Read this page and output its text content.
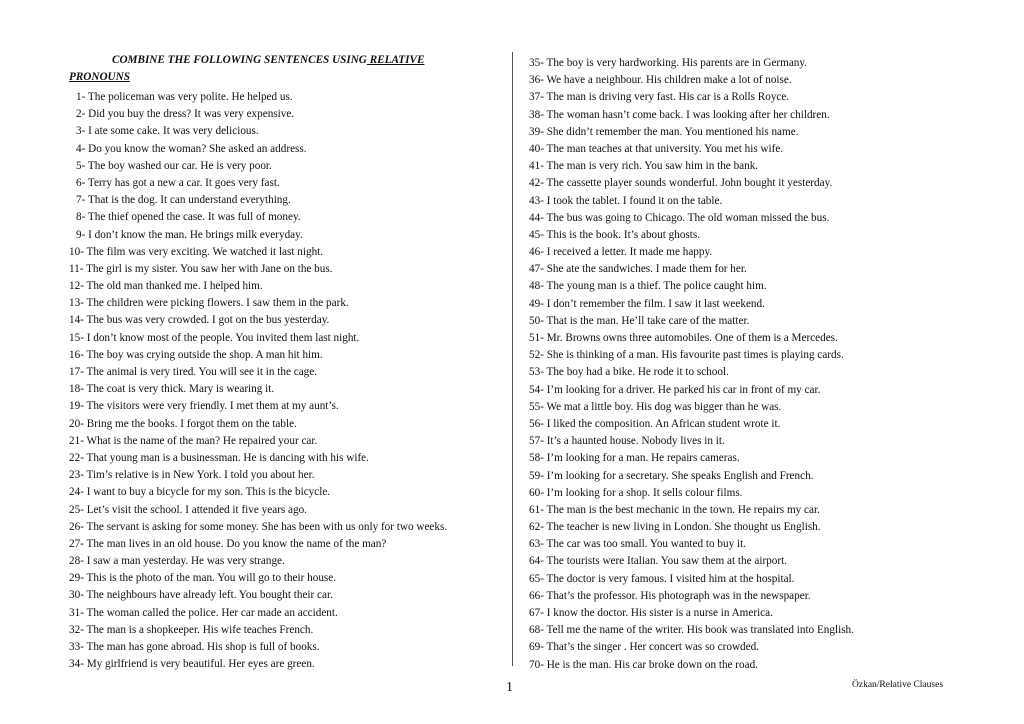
COMBINE THE FOLLOWING SENTENCES USING RELATIVE
PRONOUNS
1- The policeman was very polite. He helped us.
2- Did you buy the dress? It was very expensive.
3- I ate some cake. It was very delicious.
4- Do you know the woman? She asked an address.
5- The boy washed our car. He is very poor.
6- Terry has got a new a car. It goes very fast.
7- That is the dog. It can understand everything.
8- The thief opened the case. It was full of money.
9- I don’t know the man. He brings milk everyday.
10- The film was very exciting. We watched it last night.
11- The girl is my sister. You saw her with Jane on the bus.
12- The old man thanked me. I helped him.
13- The children were picking flowers. I saw them in the park.
14- The bus was very crowded. I got on the bus yesterday.
15- I don’t know most of the people. You invited them last night.
16- The boy was crying outside the shop. A man hit him.
17- The animal is very tired. You will see it in the cage.
18- The coat is very thick. Mary is wearing it.
19- The visitors were very friendly. I met them at my aunt’s.
20- Bring me the books. I forgot them on the table.
21- What is the name of the man? He repaired your car.
22- That young man is a businessman. He is dancing with his wife.
23- Tim’s relative is in New York. I told you about her.
24- I want to buy a bicycle for my son. This is the bicycle.
25- Let’s visit the school. I attended it five years ago.
26- The servant is asking for some money. She has been with us only for two weeks.
27- The man lives in an old house. Do you know the name of the man?
28- I saw a man yesterday. He was very strange.
29- This is the photo of the man. You will go to their house.
30- The neighbours have already left. You bought their car.
31- The woman called the police. Her car made an accident.
32- The man is a shopkeeper. His wife teaches French.
33- The man has gone abroad. His shop is full of books.
34- My girlfriend is very beautiful. Her eyes are green.
35- The boy is very hardworking. His parents are in Germany.
36- We have a neighbour. His children make a lot of noise.
37- The man is driving very fast. His car is a Rolls Royce.
38- The woman hasn’t come back. I was looking after her children.
39- She didn’t remember the man. You mentioned his name.
40- The man teaches at that university. You met his wife.
41- The man is very rich. You saw him in the bank.
42- The cassette player sounds wonderful. John bought it yesterday.
43- I took the tablet. I found it on the table.
44- The bus was going to Chicago. The old woman missed the bus.
45- This is the book. It’s about ghosts.
46- I received a letter. It made me happy.
47- She ate the sandwiches. I made them for her.
48- The young man is a thief. The police caught him.
49- I don’t remember the film. I saw it last weekend.
50- That is the man. He’ll take care of the matter.
51- Mr. Browns owns three automobiles. One of them is a Mercedes.
52- She is thinking of a man. His favourite past times is playing cards.
53- The boy had a bike. He rode it to school.
54- I’m looking for a driver. He parked his car in front of my car.
55- We mat a little boy. His dog was bigger than he was.
56- I liked the composition. An African student wrote it.
57- It’s a haunted house. Nobody lives in it.
58- I’m looking for a man. He repairs cameras.
59- I’m looking for a secretary. She speaks English and French.
60- I’m looking for a shop. It sells colour films.
61- The man is the best mechanic in the town. He repairs my car.
62- The teacher is new living in London. She thought us English.
63- The car was too small. You wanted to buy it.
64- The tourists were Italian. You saw them at the airport.
65- The doctor is very famous. I visited him at the hospital.
66- That’s the professor. His photograph was in the newspaper.
67- I know the doctor. His sister is a nurse in America.
68- Tell me the name of the writer. His book was translated into English.
69- That’s the singer . Her concert was so crowded.
70- He is the man. His car broke down on the road.
1	Özkan/Relative Clauses
